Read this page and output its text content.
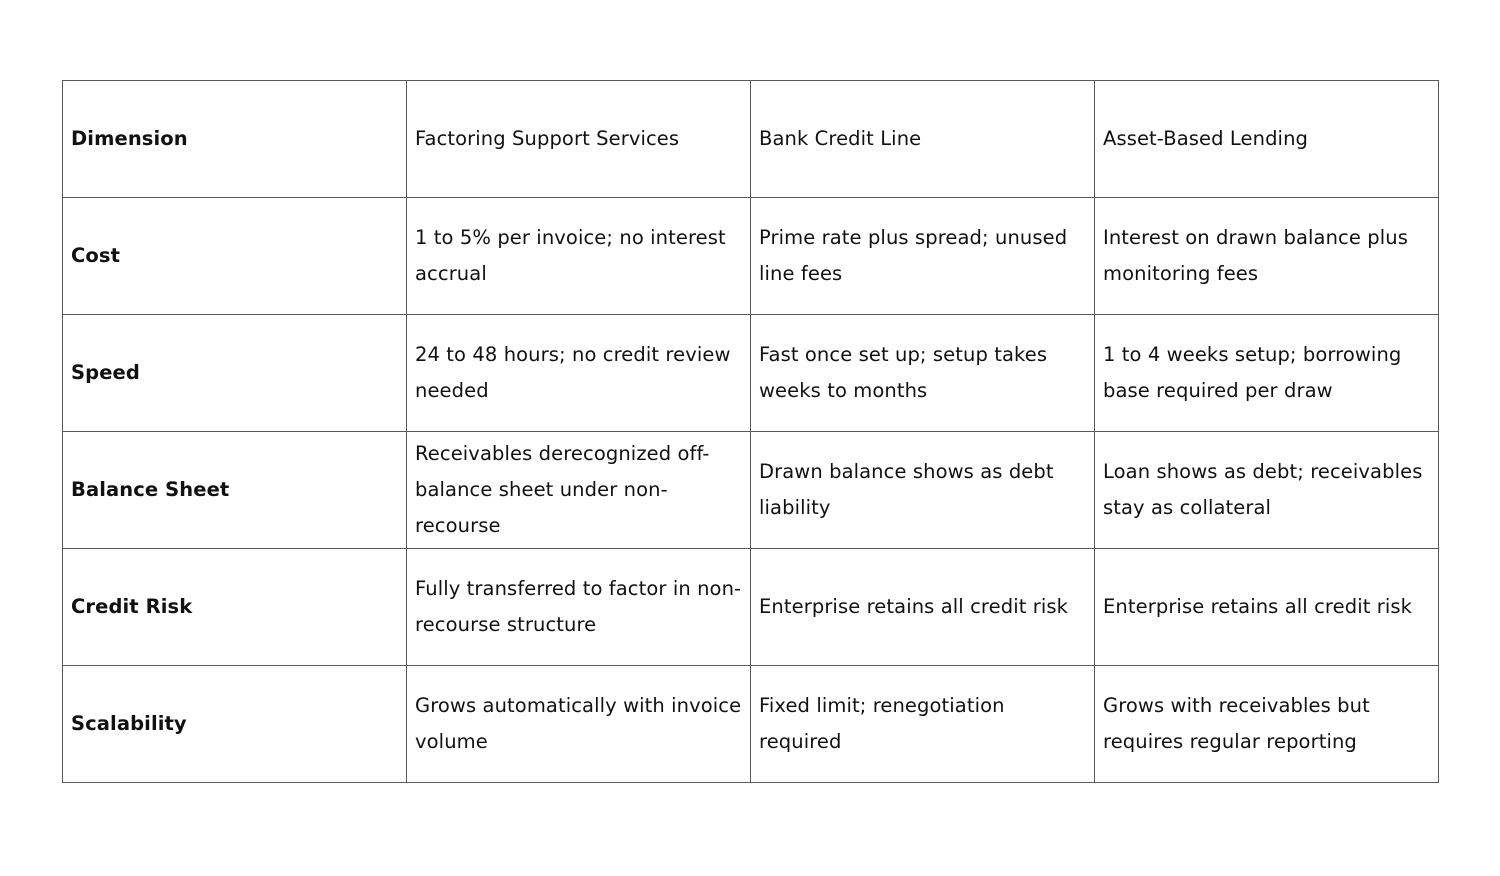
Dimension	Factoring Support Services	Bank Credit Line	Asset-Based Lending
Cost	1 to 5% per invoice; no interest accrual	Prime rate plus spread; unused line fees	Interest on drawn balance plus monitoring fees
Speed	24 to 48 hours; no credit review needed	Fast once set up; setup takes weeks to months	1 to 4 weeks setup; borrowing base required per draw
Balance Sheet	Receivables derecognized off-balance sheet under non-recourse	Drawn balance shows as debt liability	Loan shows as debt; receivables stay as collateral
Credit Risk	Fully transferred to factor in non-recourse structure	Enterprise retains all credit risk	Enterprise retains all credit risk
Scalability	Grows automatically with invoice volume	Fixed limit; renegotiation required	Grows with receivables but requires regular reporting
